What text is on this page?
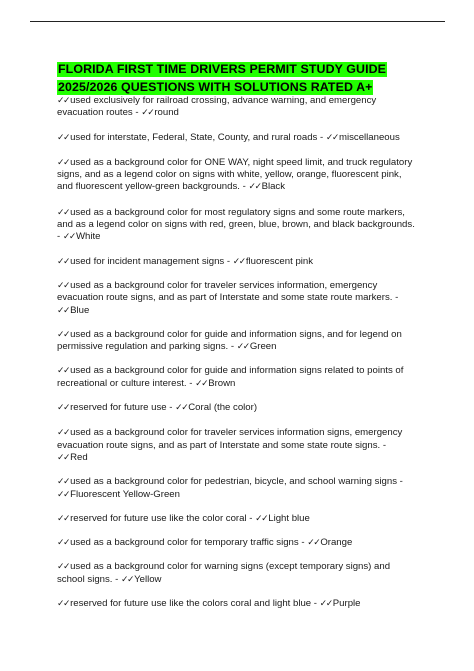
FLORIDA FIRST TIME DRIVERS PERMIT STUDY GUIDE
2025/2026 QUESTIONS WITH SOLUTIONS RATED A+
✓✓used exclusively for railroad crossing, advance warning, and emergency evacuation routes - ✓✓round
✓✓used for interstate, Federal, State, County, and rural roads - ✓✓miscellaneous
✓✓used as a background color for ONE WAY, night speed limit, and truck regulatory signs, and as a legend color on signs with white, yellow, orange, fluorescent pink, and fluorescent yellow-green backgrounds. - ✓✓Black
✓✓used as a background color for most regulatory signs and some route markers, and as a legend color on signs with red, green, blue, brown, and black backgrounds. - ✓✓White
✓✓used for incident management signs - ✓✓fluorescent pink
✓✓used as a background color for traveler services information, emergency evacuation route signs, and as part of Interstate and some state route markers. - ✓✓Blue
✓✓used as a background color for guide and information signs, and for legend on permissive regulation and parking signs. - ✓✓Green
✓✓used as a background color for guide and information signs related to points of recreational or culture interest. - ✓✓Brown
✓✓reserved for future use - ✓✓Coral (the color)
✓✓used as a background color for traveler services information signs, emergency evacuation route signs, and as part of Interstate and some state route signs. - ✓✓Red
✓✓used as a background color for pedestrian, bicycle, and school warning signs - ✓✓Fluorescent Yellow-Green
✓✓reserved for future use like the color coral - ✓✓Light blue
✓✓used as a background color for temporary traffic signs - ✓✓Orange
✓✓used as a background color for warning signs (except temporary signs) and school signs. - ✓✓Yellow
✓✓reserved for future use like the colors coral and light blue - ✓✓Purple
